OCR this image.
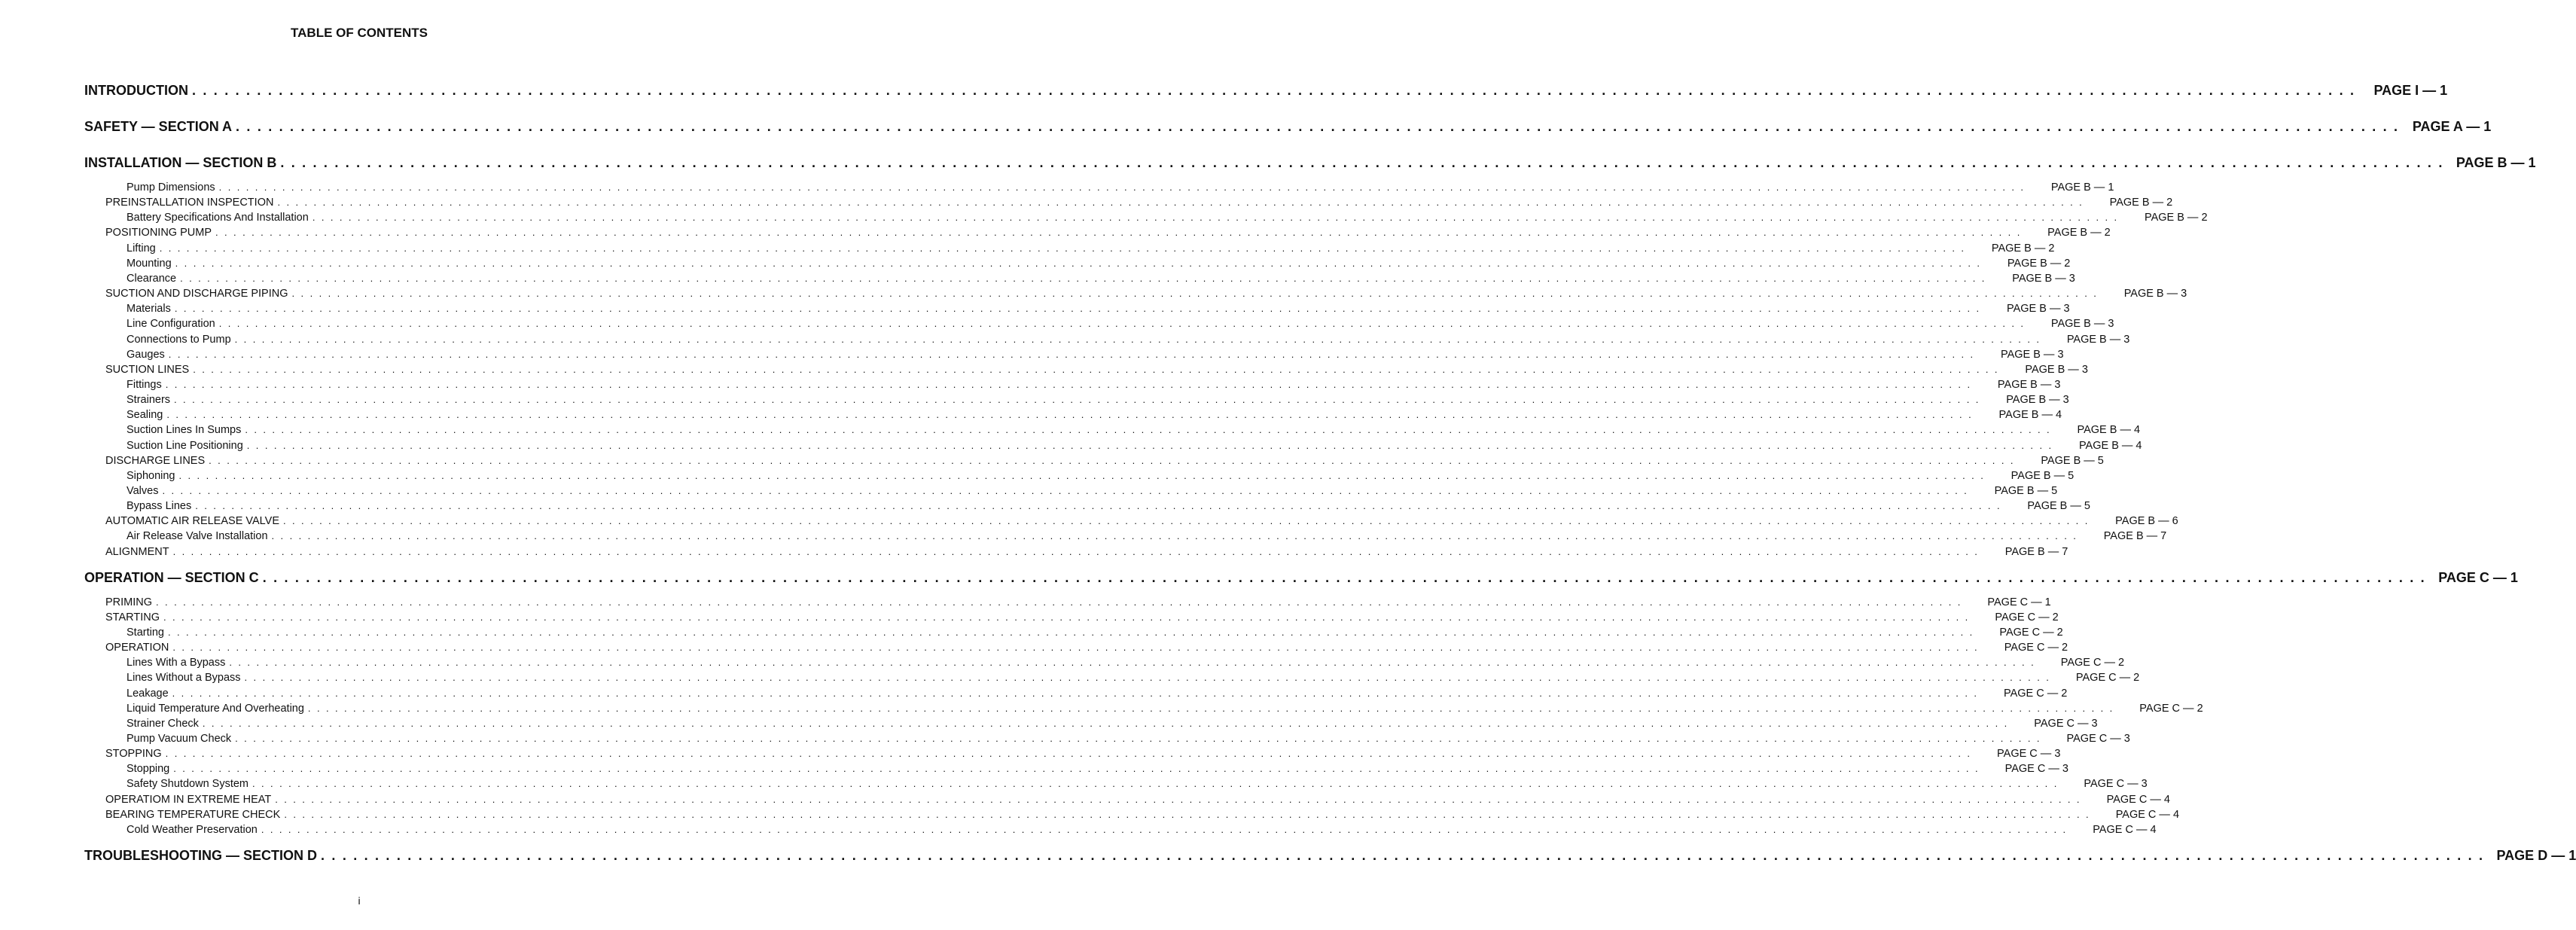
TABLE OF CONTENTS
INTRODUCTION . . . . . . . . . . . . . . . . . . . . . . . . . . . . . . . . . . . . . . . . . . . . . . . . . . . . . . . . . . . . . . . . . . . . . . . . . . . . . . . . . . . . . . . . . . . . . . . . . . . . . . . . . . . . . . . . . . . . . . . . . . . . . . . . . . . . . . . . . . . . . . . . . . . . . . . . . . . . . . . . . . . . . . . . . . . . . . . . . . . . . . . . . . . . . . . . . . . . . . . .	PAGE I — 1
SAFETY — SECTION A . . . . . . . . . . . . . . . . . . . . . . . . . . . . . . . . . . . . . . . . . . . . . . . . . . . . . . . . . . . . . . . . . . . . . . . . . . . . . . . . . . . . . . . . . . . . . . . . . . . . . . . . . . . . . . . . . . . . . . . . . . . . . . . . . . . . . . . . . . . . . . . . . . . . . . . . . . . . . . . . . . . . . . . . . . . . . . . . . . . . . . . . . . . . . . . . . . . . . . . . PAGE A — 1
INSTALLATION — SECTION B . . . . . . . . . . . . . . . . . . . . . . . . . . . . . . . . . . . . . . . . . . . . . . . . . . . . . . . . . . . . . . . . . . . . . . . . . . . . . . . . . . . . . . . . . . . . . . . . . . . . . . . . . . . . . . . . . . . . . . . . . . . . . . . . . . . . . . . . . . . . . . . . . . . . . . . . . . . . . . . . . . . . . . . . . . . . . . . . . . . . . . . . . . . . . . . . . . . . . . . . PAGE B — 1
Pump Dimensions . . . . . . . . . . . . . . . . . . . . . . . . . . . . . . . . . . . . . . . . . . . . . . . . . . . . . . . . . . . . . . . . . . . . . . . . . . . . . . . . . . . . . . . . . . . . . . . . . . . . . . . . . . . . . . . . . . . . . . . . . . . . . . . . . . . . . . . . . . . . . . . . . . . . . . . . . . . . . . . . . . . . . . . . . . . . . . . . . . . . . . . . . . . . . . . . . . . . . . . .	PAGE B — 1
PREINSTALLATION INSPECTION . . . . . . . . . . . . . . . . . . . . . . . . . . . . . . . . . . . . . . . . . . . . . . . . . . . . . . . . . . . . . . . . . . . . . . . . . . . . . . . . . . . . . . . . . . . . . . . . . . . . . . . . . . . . . . . . . . . . . . . . . . . . . . . . . . . . . . . . . . . . . . . . . . . . . . . . . . . . . . . . . . . . . . . . . . . . . . . . . . . . . . . . . . . . . . . . . . . . . . . .	PAGE B — 2
Battery Specifications And Installation . . . . . . . . . . . . . . . . . . . . . . . . . . . . . . . . . . . . . . . . . . . . . . . . . . . . . . . . . . . . . . . . . . . . . . . . . . . . . . . . . . . . . . . . . . . . . . . . . . . . . . . . . . . . . . . . . . . . . . . . . . . . . . . . . . . . . . . . . . . . . . . . . . . . . . . . . . . . . . . . . . . . . . . . . . . . . . . . . . . . . . . . . . . . . . . . . . . . . . . .	PAGE B — 2
POSITIONING PUMP . . . . . . . . . . . . . . . . . . . . . . . . . . . . . . . . . . . . . . . . . . . . . . . . . . . . . . . . . . . . . . . . . . . . . . . . . . . . . . . . . . . . . . . . . . . . . . . . . . . . . . . . . . . . . . . . . . . . . . . . . . . . . . . . . . . . . . . . . . . . . . . . . . . . . . . . . . . . . . . . . . . . . . . . . . . . . . . . . . . . . . . . . . . . . . . . . . . . . . . .	PAGE B — 2
Lifting . . . . . . . . . . . . . . . . . . . . . . . . . . . . . . . . . . . . . . . . . . . . . . . . . . . . . . . . . . . . . . . . . . . . . . . . . . . . . . . . . . . . . . . . . . . . . . . . . . . . . . . . . . . . . . . . . . . . . . . . . . . . . . . . . . . . . . . . . . . . . . . . . . . . . . . . . . . . . . . . . . . . . . . . . . . . . . . . . . . . . . . . . . . . . . . . . . . . . . . .	PAGE B — 2
Mounting . . . . . . . . . . . . . . . . . . . . . . . . . . . . . . . . . . . . . . . . . . . . . . . . . . . . . . . . . . . . . . . . . . . . . . . . . . . . . . . . . . . . . . . . . . . . . . . . . . . . . . . . . . . . . . . . . . . . . . . . . . . . . . . . . . . . . . . . . . . . . . . . . . . . . . . . . . . . . . . . . . . . . . . . . . . . . . . . . . . . . . . . . . . . . . . . . . . . . . . .	PAGE B — 2
Clearance . . . . . . . . . . . . . . . . . . . . . . . . . . . . . . . . . . . . . . . . . . . . . . . . . . . . . . . . . . . . . . . . . . . . . . . . . . . . . . . . . . . . . . . . . . . . . . . . . . . . . . . . . . . . . . . . . . . . . . . . . . . . . . . . . . . . . . . . . . . . . . . . . . . . . . . . . . . . . . . . . . . . . . . . . . . . . . . . . . . . . . . . . . . . . . . . . . . . . . . .	PAGE B — 3
SUCTION AND DISCHARGE PIPING . . . . . . . . . . . . . . . . . . . . . . . . . . . . . . . . . . . . . . . . . . . . . . . . . . . . . . . . . . . . . . . . . . . . . . . . . . . . . . . . . . . . . . . . . . . . . . . . . . . . . . . . . . . . . . . . . . . . . . . . . . . . . . . . . . . . . . . . . . . . . . . . . . . . . . . . . . . . . . . . . . . . . . . . . . . . . . . . . . . . . . . . . . . . . . . . . . . . . . . .	PAGE B — 3
Materials . . . . . . . . . . . . . . . . . . . . . . . . . . . . . . . . . . . . . . . . . . . . . . . . . . . . . . . . . . . . . . . . . . . . . . . . . . . . . . . . . . . . . . . . . . . . . . . . . . . . . . . . . . . . . . . . . . . . . . . . . . . . . . . . . . . . . . . . . . . . . . . . . . . . . . . . . . . . . . . . . . . . . . . . . . . . . . . . . . . . . . . . . . . . . . . . . . . . . . . .	PAGE B — 3
Line Configuration . . . . . . . . . . . . . . . . . . . . . . . . . . . . . . . . . . . . . . . . . . . . . . . . . . . . . . . . . . . . . . . . . . . . . . . . . . . . . . . . . . . . . . . . . . . . . . . . . . . . . . . . . . . . . . . . . . . . . . . . . . . . . . . . . . . . . . . . . . . . . . . . . . . . . . . . . . . . . . . . . . . . . . . . . . . . . . . . . . . . . . . . . . . . . . . . . . . . . . . .	PAGE B — 3
Connections to Pump . . . . . . . . . . . . . . . . . . . . . . . . . . . . . . . . . . . . . . . . . . . . . . . . . . . . . . . . . . . . . . . . . . . . . . . . . . . . . . . . . . . . . . . . . . . . . . . . . . . . . . . . . . . . . . . . . . . . . . . . . . . . . . . . . . . . . . . . . . . . . . . . . . . . . . . . . . . . . . . . . . . . . . . . . . . . . . . . . . . . . . . . . . . . . . . . . . . . . . . .	PAGE B — 3
Gauges . . . . . . . . . . . . . . . . . . . . . . . . . . . . . . . . . . . . . . . . . . . . . . . . . . . . . . . . . . . . . . . . . . . . . . . . . . . . . . . . . . . . . . . . . . . . . . . . . . . . . . . . . . . . . . . . . . . . . . . . . . . . . . . . . . . . . . . . . . . . . . . . . . . . . . . . . . . . . . . . . . . . . . . . . . . . . . . . . . . . . . . . . . . . . . . . . . . . . . . .	PAGE B — 3
SUCTION LINES . . . . . . . . . . . . . . . . . . . . . . . . . . . . . . . . . . . . . . . . . . . . . . . . . . . . . . . . . . . . . . . . . . . . . . . . . . . . . . . . . . . . . . . . . . . . . . . . . . . . . . . . . . . . . . . . . . . . . . . . . . . . . . . . . . . . . . . . . . . . . . . . . . . . . . . . . . . . . . . . . . . . . . . . . . . . . . . . . . . . . . . . . . . . . . . . . . . . . . . .	PAGE B — 3
Fittings . . . . . . . . . . . . . . . . . . . . . . . . . . . . . . . . . . . . . . . . . . . . . . . . . . . . . . . . . . . . . . . . . . . . . . . . . . . . . . . . . . . . . . . . . . . . . . . . . . . . . . . . . . . . . . . . . . . . . . . . . . . . . . . . . . . . . . . . . . . . . . . . . . . . . . . . . . . . . . . . . . . . . . . . . . . . . . . . . . . . . . . . . . . . . . . . . . . . . . . .	PAGE B — 3
Strainers . . . . . . . . . . . . . . . . . . . . . . . . . . . . . . . . . . . . . . . . . . . . . . . . . . . . . . . . . . . . . . . . . . . . . . . . . . . . . . . . . . . . . . . . . . . . . . . . . . . . . . . . . . . . . . . . . . . . . . . . . . . . . . . . . . . . . . . . . . . . . . . . . . . . . . . . . . . . . . . . . . . . . . . . . . . . . . . . . . . . . . . . . . . . . . . . . . . . . . . .	PAGE B — 3
Sealing . . . . . . . . . . . . . . . . . . . . . . . . . . . . . . . . . . . . . . . . . . . . . . . . . . . . . . . . . . . . . . . . . . . . . . . . . . . . . . . . . . . . . . . . . . . . . . . . . . . . . . . . . . . . . . . . . . . . . . . . . . . . . . . . . . . . . . . . . . . . . . . . . . . . . . . . . . . . . . . . . . . . . . . . . . . . . . . . . . . . . . . . . . . . . . . . . . . . . . . .	PAGE B — 4
Suction Lines In Sumps . . . . . . . . . . . . . . . . . . . . . . . . . . . . . . . . . . . . . . . . . . . . . . . . . . . . . . . . . . . . . . . . . . . . . . . . . . . . . . . . . . . . . . . . . . . . . . . . . . . . . . . . . . . . . . . . . . . . . . . . . . . . . . . . . . . . . . . . . . . . . . . . . . . . . . . . . . . . . . . . . . . . . . . . . . . . . . . . . . . . . . . . . . . . . . . . . . . . . . . .	PAGE B — 4
Suction Line Positioning . . . . . . . . . . . . . . . . . . . . . . . . . . . . . . . . . . . . . . . . . . . . . . . . . . . . . . . . . . . . . . . . . . . . . . . . . . . . . . . . . . . . . . . . . . . . . . . . . . . . . . . . . . . . . . . . . . . . . . . . . . . . . . . . . . . . . . . . . . . . . . . . . . . . . . . . . . . . . . . . . . . . . . . . . . . . . . . . . . . . . . . . . . . . . . . . . . . . . . . .	PAGE B — 4
DISCHARGE LINES . . . . . . . . . . . . . . . . . . . . . . . . . . . . . . . . . . . . . . . . . . . . . . . . . . . . . . . . . . . . . . . . . . . . . . . . . . . . . . . . . . . . . . . . . . . . . . . . . . . . . . . . . . . . . . . . . . . . . . . . . . . . . . . . . . . . . . . . . . . . . . . . . . . . . . . . . . . . . . . . . . . . . . . . . . . . . . . . . . . . . . . . . . . . . . . . . . . . . . . .	PAGE B — 5
Siphoning . . . . . . . . . . . . . . . . . . . . . . . . . . . . . . . . . . . . . . . . . . . . . . . . . . . . . . . . . . . . . . . . . . . . . . . . . . . . . . . . . . . . . . . . . . . . . . . . . . . . . . . . . . . . . . . . . . . . . . . . . . . . . . . . . . . . . . . . . . . . . . . . . . . . . . . . . . . . . . . . . . . . . . . . . . . . . . . . . . . . . . . . . . . . . . . . . . . . . . . .	PAGE B — 5
Valves . . . . . . . . . . . . . . . . . . . . . . . . . . . . . . . . . . . . . . . . . . . . . . . . . . . . . . . . . . . . . . . . . . . . . . . . . . . . . . . . . . . . . . . . . . . . . . . . . . . . . . . . . . . . . . . . . . . . . . . . . . . . . . . . . . . . . . . . . . . . . . . . . . . . . . . . . . . . . . . . . . . . . . . . . . . . . . . . . . . . . . . . . . . . . . . . . . . . . . . .	PAGE B — 5
Bypass Lines . . . . . . . . . . . . . . . . . . . . . . . . . . . . . . . . . . . . . . . . . . . . . . . . . . . . . . . . . . . . . . . . . . . . . . . . . . . . . . . . . . . . . . . . . . . . . . . . . . . . . . . . . . . . . . . . . . . . . . . . . . . . . . . . . . . . . . . . . . . . . . . . . . . . . . . . . . . . . . . . . . . . . . . . . . . . . . . . . . . . . . . . . . . . . . . . . . . . . . . .	PAGE B — 5
AUTOMATIC AIR RELEASE VALVE . . . . . . . . . . . . . . . . . . . . . . . . . . . . . . . . . . . . . . . . . . . . . . . . . . . . . . . . . . . . . . . . . . . . . . . . . . . . . . . . . . . . . . . . . . . . . . . . . . . . . . . . . . . . . . . . . . . . . . . . . . . . . . . . . . . . . . . . . . . . . . . . . . . . . . . . . . . . . . . . . . . . . . . . . . . . . . . . . . . . . . . . . . . . . . . . . . . . . . . .	PAGE B — 6
Air Release Valve Installation . . . . . . . . . . . . . . . . . . . . . . . . . . . . . . . . . . . . . . . . . . . . . . . . . . . . . . . . . . . . . . . . . . . . . . . . . . . . . . . . . . . . . . . . . . . . . . . . . . . . . . . . . . . . . . . . . . . . . . . . . . . . . . . . . . . . . . . . . . . . . . . . . . . . . . . . . . . . . . . . . . . . . . . . . . . . . . . . . . . . . . . . . . . . . . . . . . . . . . . .	PAGE B — 7
ALIGNMENT . . . . . . . . . . . . . . . . . . . . . . . . . . . . . . . . . . . . . . . . . . . . . . . . . . . . . . . . . . . . . . . . . . . . . . . . . . . . . . . . . . . . . . . . . . . . . . . . . . . . . . . . . . . . . . . . . . . . . . . . . . . . . . . . . . . . . . . . . . . . . . . . . . . . . . . . . . . . . . . . . . . . . . . . . . . . . . . . . . . . . . . . . . . . . . . . . . . . . . . .	PAGE B — 7
OPERATION — SECTION C . . . . . . . . . . . . . . . . . . . . . . . . . . . . . . . . . . . . . . . . . . . . . . . . . . . . . . . . . . . . . . . . . . . . . . . . . . . . . . . . . . . . . . . . . . . . . . . . . . . . . . . . . . . . . . . . . . . . . . . . . . . . . . . . . . . . . . . . . . . . . . . . . . . . . . . . . . . . . . . . . . . . . . . . . . . . . . . . . . . . . . . . . . . . . . . . . . . . . . . . PAGE C — 1
PRIMING . . . . . . . . . . . . . . . . . . . . . . . . . . . . . . . . . . . . . . . . . . . . . . . . . . . . . . . . . . . . . . . . . . . . . . . . . . . . . . . . . . . . . . . . . . . . . . . . . . . . . . . . . . . . . . . . . . . . . . . . . . . . . . . . . . . . . . . . . . . . . . . . . . . . . . . . . . . . . . . . . . . . . . . . . . . . . . . . . . . . . . . . . . . . . . . . . . . . . . . . PAGE C — 1
STARTING . . . . . . . . . . . . . . . . . . . . . . . . . . . . . . . . . . . . . . . . . . . . . . . . . . . . . . . . . . . . . . . . . . . . . . . . . . . . . . . . . . . . . . . . . . . . . . . . . . . . . . . . . . . . . . . . . . . . . . . . . . . . . . . . . . . . . . . . . . . . . . . . . . . . . . . . . . . . . . . . . . . . . . . . . . . . . . . . . . . . . . . . . . . . . . . . . . . . . . . . PAGE C — 2
Starting . . . . . . . . . . . . . . . . . . . . . . . . . . . . . . . . . . . . . . . . . . . . . . . . . . . . . . . . . . . . . . . . . . . . . . . . . . . . . . . . . . . . . . . . . . . . . . . . . . . . . . . . . . . . . . . . . . . . . . . . . . . . . . . . . . . . . . . . . . . . . . . . . . . . . . . . . . . . . . . . . . . . . . . . . . . . . . . . . . . . . . . . . . . . . . . . . . . . . . . . PAGE C — 2
OPERATION . . . . . . . . . . . . . . . . . . . . . . . . . . . . . . . . . . . . . . . . . . . . . . . . . . . . . . . . . . . . . . . . . . . . . . . . . . . . . . . . . . . . . . . . . . . . . . . . . . . . . . . . . . . . . . . . . . . . . . . . . . . . . . . . . . . . . . . . . . . . . . . . . . . . . . . . . . . . . . . . . . . . . . . . . . . . . . . . . . . . . . . . . . . . . . . . . . . . . . . . PAGE C — 2
Lines With a Bypass . . . . . . . . . . . . . . . . . . . . . . . . . . . . . . . . . . . . . . . . . . . . . . . . . . . . . . . . . . . . . . . . . . . . . . . . . . . . . . . . . . . . . . . . . . . . . . . . . . . . . . . . . . . . . . . . . . . . . . . . . . . . . . . . . . . . . . . . . . . . . . . . . . . . . . . . . . . . . . . . . . . . . . . . . . . . . . . . . . . . . . . . . . . . . . . . . . . . . . . . PAGE C — 2
Lines Without a Bypass . . . . . . . . . . . . . . . . . . . . . . . . . . . . . . . . . . . . . . . . . . . . . . . . . . . . . . . . . . . . . . . . . . . . . . . . . . . . . . . . . . . . . . . . . . . . . . . . . . . . . . . . . . . . . . . . . . . . . . . . . . . . . . . . . . . . . . . . . . . . . . . . . . . . . . . . . . . . . . . . . . . . . . . . . . . . . . . . . . . . . . . . . . . . . . . . . . . . . . . . PAGE C — 2
Leakage . . . . . . . . . . . . . . . . . . . . . . . . . . . . . . . . . . . . . . . . . . . . . . . . . . . . . . . . . . . . . . . . . . . . . . . . . . . . . . . . . . . . . . . . . . . . . . . . . . . . . . . . . . . . . . . . . . . . . . . . . . . . . . . . . . . . . . . . . . . . . . . . . . . . . . . . . . . . . . . . . . . . . . . . . . . . . . . . . . . . . . . . . . . . . . . . . . . . . . . . PAGE C — 2
Liquid Temperature And Overheating . . . . . . . . . . . . . . . . . . . . . . . . . . . . . . . . . . . . . . . . . . . . . . . . . . . . . . . . . . . . . . . . . . . . . . . . . . . . . . . . . . . . . . . . . . . . . . . . . . . . . . . . . . . . . . . . . . . . . . . . . . . . . . . . . . . . . . . . . . . . . . . . . . . . . . . . . . . . . . . . . . . . . . . . . . . . . . . . . . . . . . . . . . . . . . . . . . . . . . . . PAGE C — 2
Strainer Check . . . . . . . . . . . . . . . . . . . . . . . . . . . . . . . . . . . . . . . . . . . . . . . . . . . . . . . . . . . . . . . . . . . . . . . . . . . . . . . . . . . . . . . . . . . . . . . . . . . . . . . . . . . . . . . . . . . . . . . . . . . . . . . . . . . . . . . . . . . . . . . . . . . . . . . . . . . . . . . . . . . . . . . . . . . . . . . . . . . . . . . . . . . . . . . . . . . . . . . . PAGE C — 3
Pump Vacuum Check . . . . . . . . . . . . . . . . . . . . . . . . . . . . . . . . . . . . . . . . . . . . . . . . . . . . . . . . . . . . . . . . . . . . . . . . . . . . . . . . . . . . . . . . . . . . . . . . . . . . . . . . . . . . . . . . . . . . . . . . . . . . . . . . . . . . . . . . . . . . . . . . . . . . . . . . . . . . . . . . . . . . . . . . . . . . . . . . . . . . . . . . . . . . . . . . . . . . . . . . PAGE C — 3
STOPPING . . . . . . . . . . . . . . . . . . . . . . . . . . . . . . . . . . . . . . . . . . . . . . . . . . . . . . . . . . . . . . . . . . . . . . . . . . . . . . . . . . . . . . . . . . . . . . . . . . . . . . . . . . . . . . . . . . . . . . . . . . . . . . . . . . . . . . . . . . . . . . . . . . . . . . . . . . . . . . . . . . . . . . . . . . . . . . . . . . . . . . . . . . . . . . . . . . . . . . . . PAGE C — 3
Stopping . . . . . . . . . . . . . . . . . . . . . . . . . . . . . . . . . . . . . . . . . . . . . . . . . . . . . . . . . . . . . . . . . . . . . . . . . . . . . . . . . . . . . . . . . . . . . . . . . . . . . . . . . . . . . . . . . . . . . . . . . . . . . . . . . . . . . . . . . . . . . . . . . . . . . . . . . . . . . . . . . . . . . . . . . . . . . . . . . . . . . . . . . . . . . . . . . . . . . . . . PAGE C — 3
Safety Shutdown System . . . . . . . . . . . . . . . . . . . . . . . . . . . . . . . . . . . . . . . . . . . . . . . . . . . . . . . . . . . . . . . . . . . . . . . . . . . . . . . . . . . . . . . . . . . . . . . . . . . . . . . . . . . . . . . . . . . . . . . . . . . . . . . . . . . . . . . . . . . . . . . . . . . . . . . . . . . . . . . . . . . . . . . . . . . . . . . . . . . . . . . . . . . . . . . . . . . . . . . . PAGE C — 3
OPERATIOM IN EXTREME HEAT . . . . . . . . . . . . . . . . . . . . . . . . . . . . . . . . . . . . . . . . . . . . . . . . . . . . . . . . . . . . . . . . . . . . . . . . . . . . . . . . . . . . . . . . . . . . . . . . . . . . . . . . . . . . . . . . . . . . . . . . . . . . . . . . . . . . . . . . . . . . . . . . . . . . . . . . . . . . . . . . . . . . . . . . . . . . . . . . . . . . . . . . . . . . . . . . . . . . . . . . PAGE C — 4
BEARING TEMPERATURE CHECK . . . . . . . . . . . . . . . . . . . . . . . . . . . . . . . . . . . . . . . . . . . . . . . . . . . . . . . . . . . . . . . . . . . . . . . . . . . . . . . . . . . . . . . . . . . . . . . . . . . . . . . . . . . . . . . . . . . . . . . . . . . . . . . . . . . . . . . . . . . . . . . . . . . . . . . . . . . . . . . . . . . . . . . . . . . . . . . . . . . . . . . . . . . . . . . . . . . . . . . . PAGE C — 4
Cold Weather Preservation . . . . . . . . . . . . . . . . . . . . . . . . . . . . . . . . . . . . . . . . . . . . . . . . . . . . . . . . . . . . . . . . . . . . . . . . . . . . . . . . . . . . . . . . . . . . . . . . . . . . . . . . . . . . . . . . . . . . . . . . . . . . . . . . . . . . . . . . . . . . . . . . . . . . . . . . . . . . . . . . . . . . . . . . . . . . . . . . . . . . . . . . . . . . . . . . . . . . . . . . PAGE C — 4
TROUBLESHOOTING — SECTION D . . . . . . . . . . . . . . . . . . . . . . . . . . . . . . . . . . . . . . . . . . . . . . . . . . . . . . . . . . . . . . . . . . . . . . . . . . . . . . . . . . . . . . . . . . . . . . . . . . . . . . . . . . . . . . . . . . . . . . . . . . . . . . . . . . . . . . . . . . . . . . . . . . . . . . . . . . . . . . . . . . . . . . . . . . . . . . . . . . . . . . . . . . . . . . . . . . . . . . . . PAGE D — 1
i
